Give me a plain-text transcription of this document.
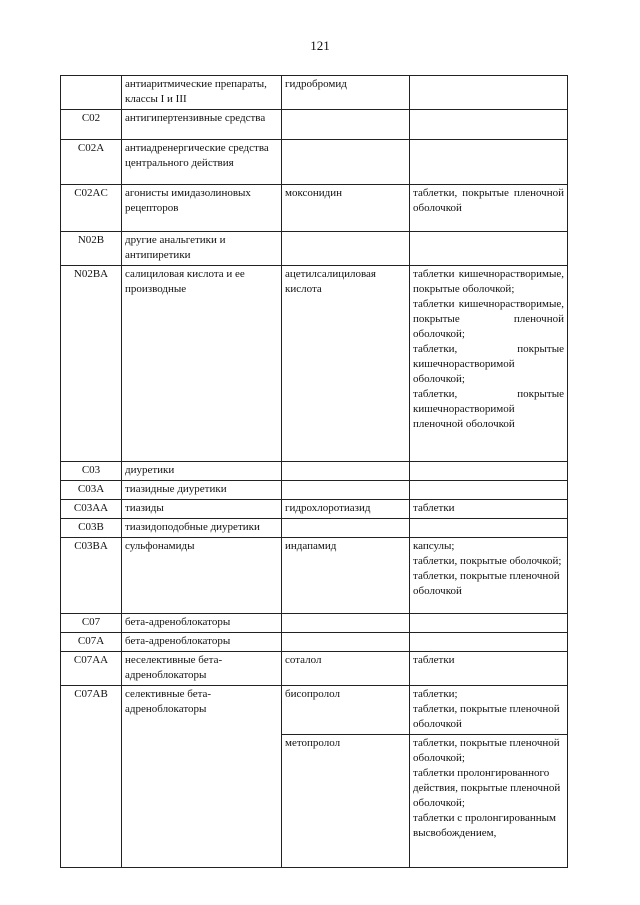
121
	антиаритмические препараты, классы I и III	гидробромид	
C02	антигипертензивные средства		
C02A	антиадренергические средства центрального действия		
C02AC	агонисты имидазолиновых рецепторов	моксонидин	таблетки, покрытые пленочной оболочкой
N02B	другие анальгетики и антипиретики		
N02BA	салициловая кислота и ее производные	ацетилсалициловая кислота	таблетки кишечнорастворимые, покрытые оболочкой;
таблетки кишечнорастворимые, покрытые пленочной оболочкой;
таблетки, покрытые кишечнорастворимой оболочкой;
таблетки, покрытые кишечнорастворимой пленочной оболочкой
C03	диуретики		
C03A	тиазидные диуретики		
C03AA	тиазиды	гидрохлоротиазид	таблетки
C03B	тиазидоподобные диуретики		
C03BA	сульфонамиды	индапамид	капсулы;
таблетки, покрытые оболочкой;
таблетки, покрытые пленочной оболочкой
C07	бета-адреноблокаторы		
C07A	бета-адреноблокаторы		
C07AA	неселективные бета-адреноблокаторы	соталол	таблетки
C07AB	селективные бета-адреноблокаторы	бисопролол	таблетки;
таблетки, покрытые пленочной оболочкой
		метопролол	таблетки, покрытые пленочной оболочкой;
таблетки пролонгированного действия, покрытые пленочной оболочкой;
таблетки с пролонгированным высвобождением,
